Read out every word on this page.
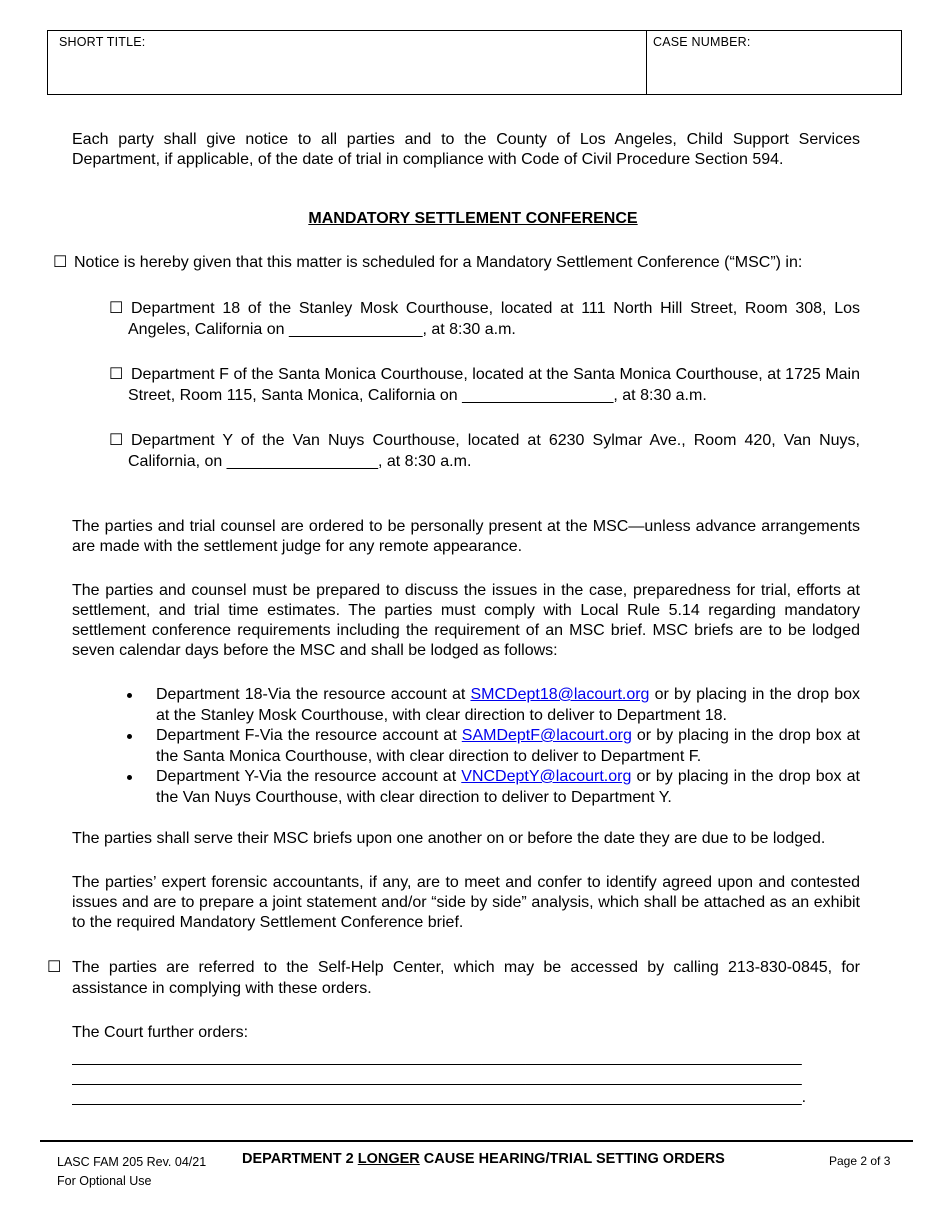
SHORT TITLE:	CASE NUMBER:
Each party shall give notice to all parties and to the County of Los Angeles, Child Support Services Department, if applicable, of the date of trial in compliance with Code of Civil Procedure Section 594.
MANDATORY SETTLEMENT CONFERENCE
☐ Notice is hereby given that this matter is scheduled for a Mandatory Settlement Conference (“MSC”) in:
☐ Department 18 of the Stanley Mosk Courthouse, located at 111 North Hill Street, Room 308, Los Angeles, California on _______________, at 8:30 a.m.
☐ Department F of the Santa Monica Courthouse, located at the Santa Monica Courthouse, at 1725 Main Street, Room 115, Santa Monica, California on _________________, at 8:30 a.m.
☐ Department Y of the Van Nuys Courthouse, located at 6230 Sylmar Ave., Room 420, Van Nuys, California, on _________________, at 8:30 a.m.
The parties and trial counsel are ordered to be personally present at the MSC—unless advance arrangements are made with the settlement judge for any remote appearance.
The parties and counsel must be prepared to discuss the issues in the case, preparedness for trial, efforts at settlement, and trial time estimates. The parties must comply with Local Rule 5.14 regarding mandatory settlement conference requirements including the requirement of an MSC brief. MSC briefs are to be lodged seven calendar days before the MSC and shall be lodged as follows:
Department 18-Via the resource account at SMCDept18@lacourt.org or by placing in the drop box at the Stanley Mosk Courthouse, with clear direction to deliver to Department 18.
Department F-Via the resource account at SAMDeptF@lacourt.org or by placing in the drop box at the Santa Monica Courthouse, with clear direction to deliver to Department F.
Department Y-Via the resource account at VNCDeptY@lacourt.org or by placing in the drop box at the Van Nuys Courthouse, with clear direction to deliver to Department Y.
The parties shall serve their MSC briefs upon one another on or before the date they are due to be lodged.
The parties’ expert forensic accountants, if any, are to meet and confer to identify agreed upon and contested issues and are to prepare a joint statement and/or “side by side” analysis, which shall be attached as an exhibit to the required Mandatory Settlement Conference brief.
☐ The parties are referred to the Self-Help Center, which may be accessed by calling 213-830-0845, for assistance in complying with these orders.
The Court further orders:
__________________________________________________________________________________
__________________________________________________________________________________
__________________________________________________________________________________.
LASC FAM 205 Rev. 04/21
For Optional Use
DEPARTMENT 2 LONGER CAUSE HEARING/TRIAL SETTING ORDERS	Page 2 of 3
